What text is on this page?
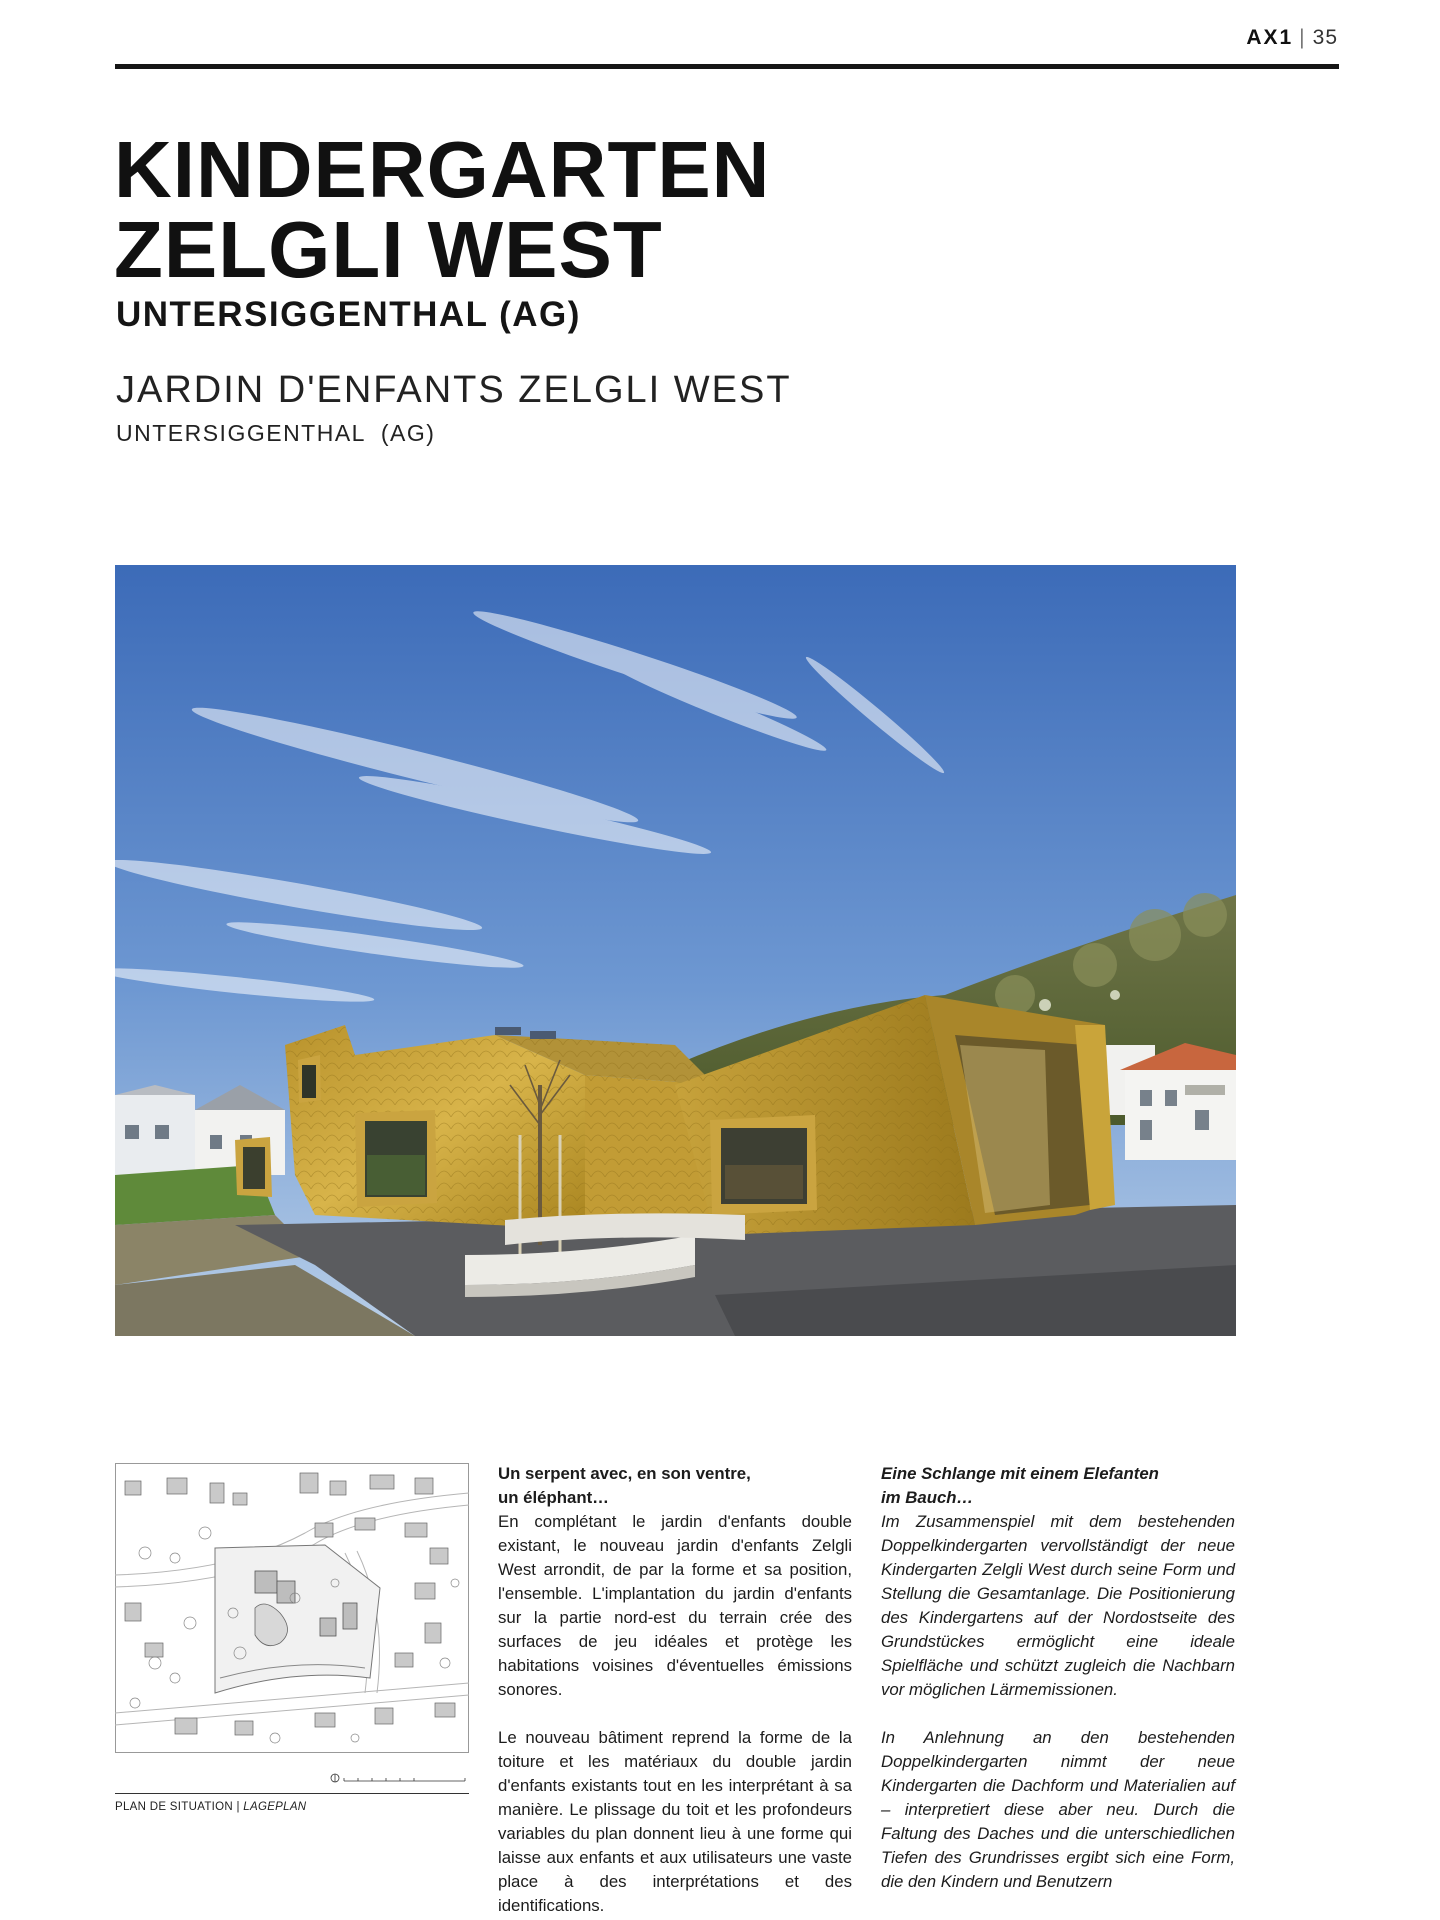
AX1 | 35
KINDERGARTEN
ZELGLI WEST
UNTERSIGGENTHAL (AG)
JARDIN D'ENFANTS ZELGLI WEST
UNTERSIGGENTHAL  (AG)
PLAN DE SITUATION | LAGEPLAN
Un serpent avec, en son ventre,
un éléphant…

En complétant le jardin d'enfants double existant, le nouveau jardin d'enfants Zelgli West arrondit, de par la forme et sa position, l'ensemble. L'implantation du jardin d'enfants sur la partie nord-est du terrain crée des surfaces de jeu idéales et protège les habitations voisines d'éventuelles émissions sonores.

Le nouveau bâtiment reprend la forme de la toiture et les matériaux du double jardin d'enfants existants tout en les interprétant à sa manière. Le plissage du toit et les profondeurs variables du plan donnent lieu à une forme qui laisse aux enfants et aux utilisateurs une vaste place à des interprétations et des identifications.

Eine Schlange mit einem Elefanten
im Bauch…

Im Zusammenspiel mit dem bestehenden Doppelkindergarten vervollständigt der neue Kindergarten Zelgli West durch seine Form und Stellung die Gesamtanlage. Die Positionierung des Kindergartens auf der Nordostseite des Grundstückes ermöglicht eine ideale Spielfläche und schützt zugleich die Nachbarn vor möglichen Lärmemissionen.

In Anlehnung an den bestehenden Doppelkindergarten nimmt der neue Kindergarten die Dachform und Materialien auf – interpretiert diese aber neu. Durch die Faltung des Daches und die unterschiedlichen Tiefen des Grundrisses ergibt sich eine Form, die den Kindern und Benutzern
